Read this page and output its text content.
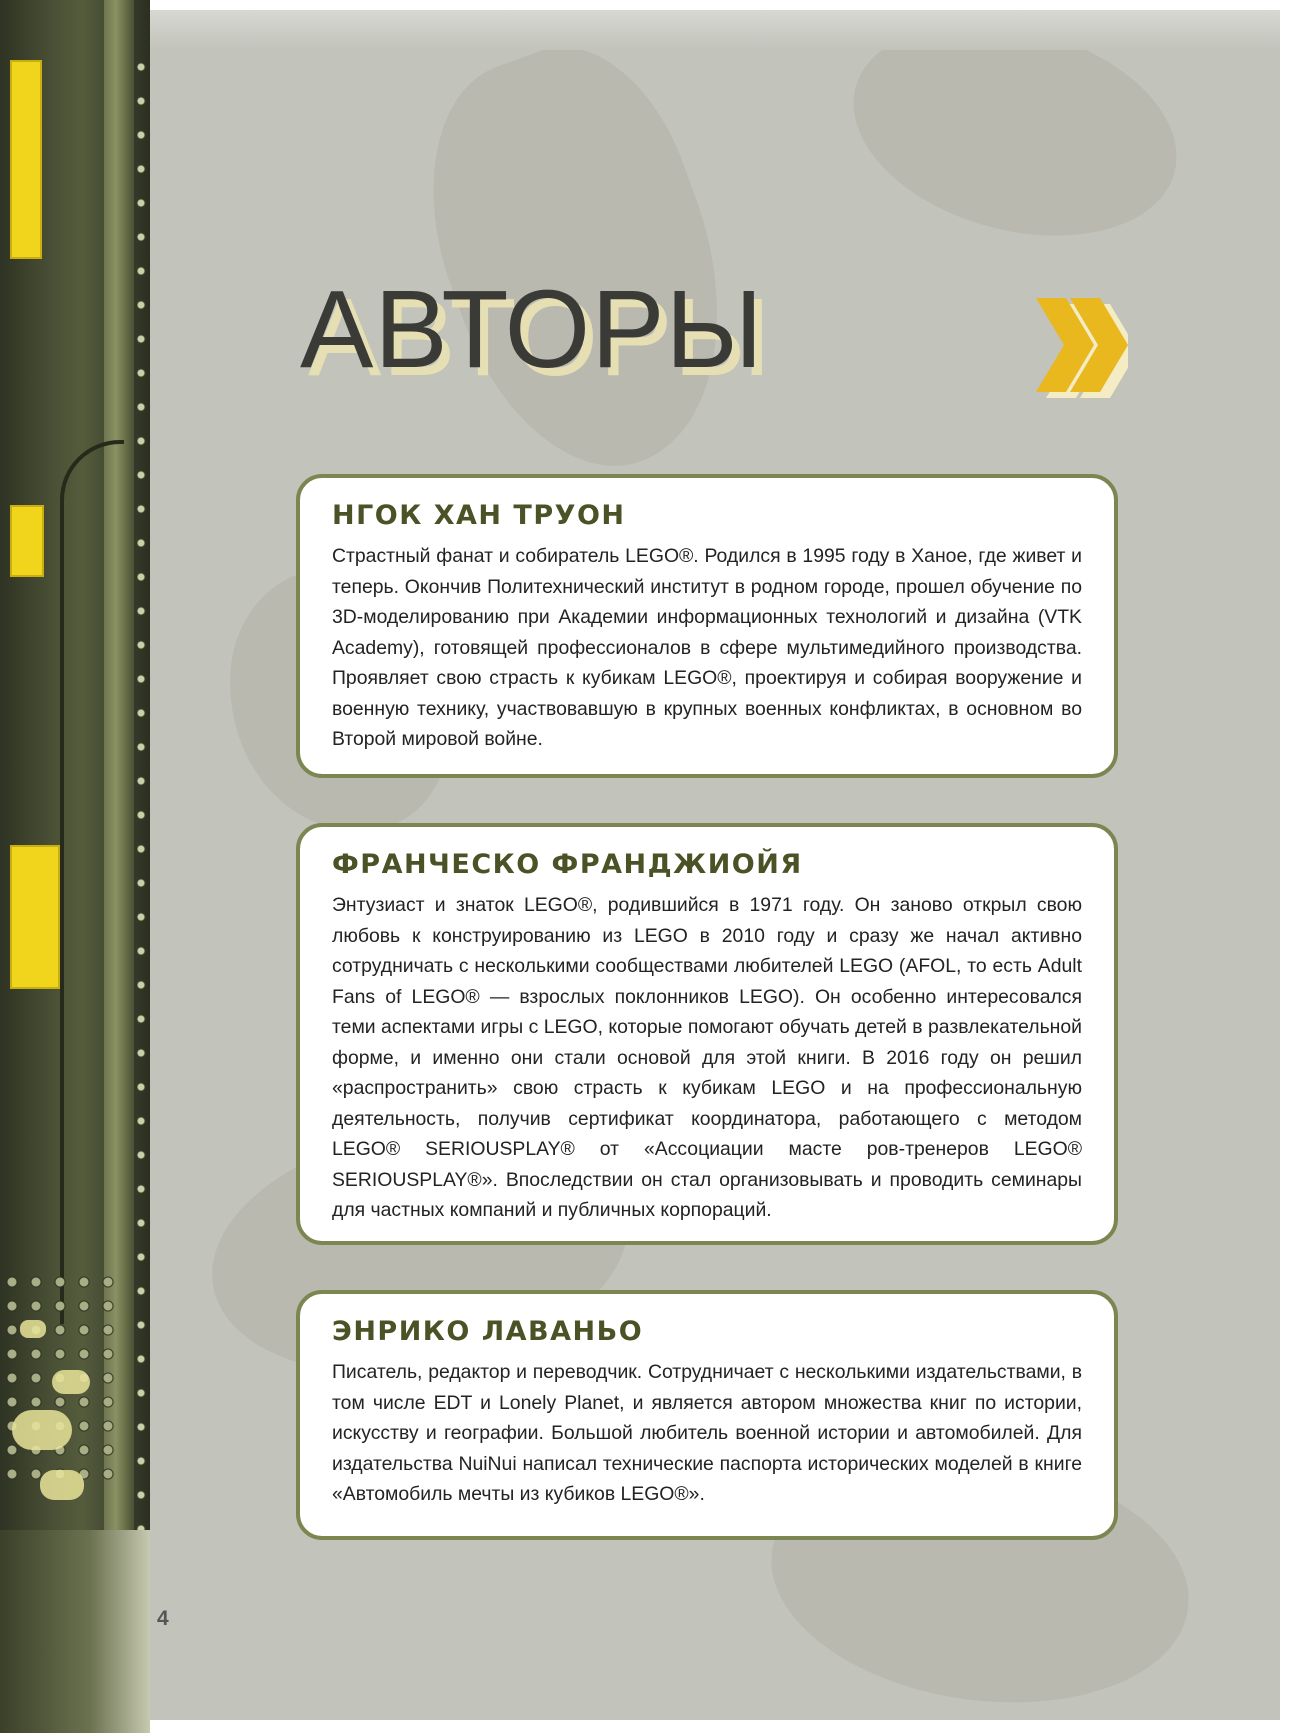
АВТОРЫ
НГОК ХАН ТРУОН

Страстный фанат и собиратель LEGO®. Родился в 1995 году в Ханое, где живет и теперь. Окончив Политехнический институт в родном городе, прошел обучение по 3D-моделированию при Академии информационных технологий и дизайна (VTK Academy), готовящей профессионалов в сфере мультимедийного производства. Проявляет свою страсть к кубикам LEGO®, проектируя и собирая вооружение и военную технику, участвовавшую в крупных военных конфликтах, в основном во Второй мировой войне.

ФРАНЧЕСКО ФРАНДЖИОЙЯ

Энтузиаст и знаток LEGO®, родившийся в 1971 году. Он заново открыл свою любовь к конструированию из LEGO в 2010 году и сразу же начал активно сотрудничать с несколькими сообществами любителей LEGO (AFOL, то есть Adult Fans of LEGO® — взрослых поклонников LEGO). Он особенно интересовался теми аспектами игры с LEGO, которые помогают обучать детей в развлекательной форме, и именно они стали основой для этой книги. В 2016 году он решил «распространить» свою страсть к кубикам LEGO и на профессиональную деятельность, получив сертификат координатора, работающего с методом LEGO® SERIOUSPLAY® от «Ассоциации масте ров-тренеров LEGO® SERIOUSPLAY®». Впоследствии он стал организовывать и проводить семинары для частных компаний и публичных корпораций.

ЭНРИКО ЛАВАНЬО

Писатель, редактор и переводчик. Сотрудничает с несколькими издательствами, в том числе EDT и Lonely Planet, и является автором множества книг по истории, искусству и географии. Большой любитель военной истории и автомобилей. Для издательства NuiNui написал технические паспорта исторических моделей в книге «Автомобиль мечты из кубиков LEGO®».

4
